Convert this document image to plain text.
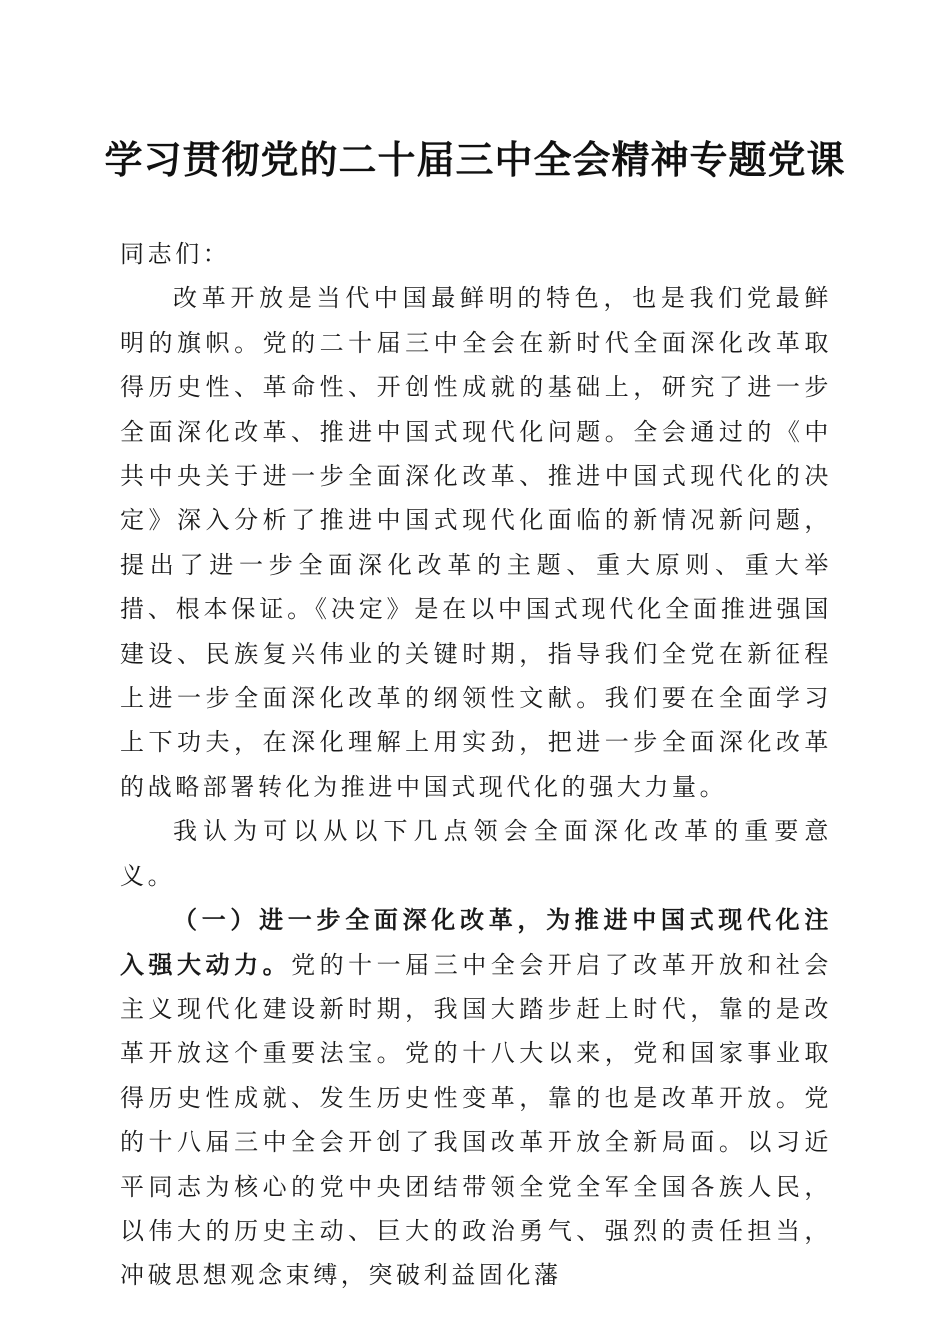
学习贯彻党的二十届三中全会精神专题党课

同志们：

改革开放是当代中国最鲜明的特色，也是我们党最鲜明的旗帜。党的二十届三中全会在新时代全面深化改革取得历史性、革命性、开创性成就的基础上，研究了进一步全面深化改革、推进中国式现代化问题。全会通过的《中共中央关于进一步全面深化改革、推进中国式现代化的决定》深入分析了推进中国式现代化面临的新情况新问题，提出了进一步全面深化改革的主题、重大原则、重大举措、根本保证。《决定》是在以中国式现代化全面推进强国建设、民族复兴伟业的关键时期，指导我们全党在新征程上进一步全面深化改革的纲领性文献。我们要在全面学习上下功夫，在深化理解上用实劲，把进一步全面深化改革的战略部署转化为推进中国式现代化的强大力量。

我认为可以从以下几点领会全面深化改革的重要意义。

（一）进一步全面深化改革，为推进中国式现代化注入强大动力。党的十一届三中全会开启了改革开放和社会主义现代化建设新时期，我国大踏步赶上时代，靠的是改革开放这个重要法宝。党的十八大以来，党和国家事业取得历史性成就、发生历史性变革，靠的也是改革开放。党的十八届三中全会开创了我国改革开放全新局面。以习近平同志为核心的党中央团结带领全党全军全国各族人民，以伟大的历史主动、巨大的政治勇气、强烈的责任担当，冲破思想观念束缚，突破利益固化藩
